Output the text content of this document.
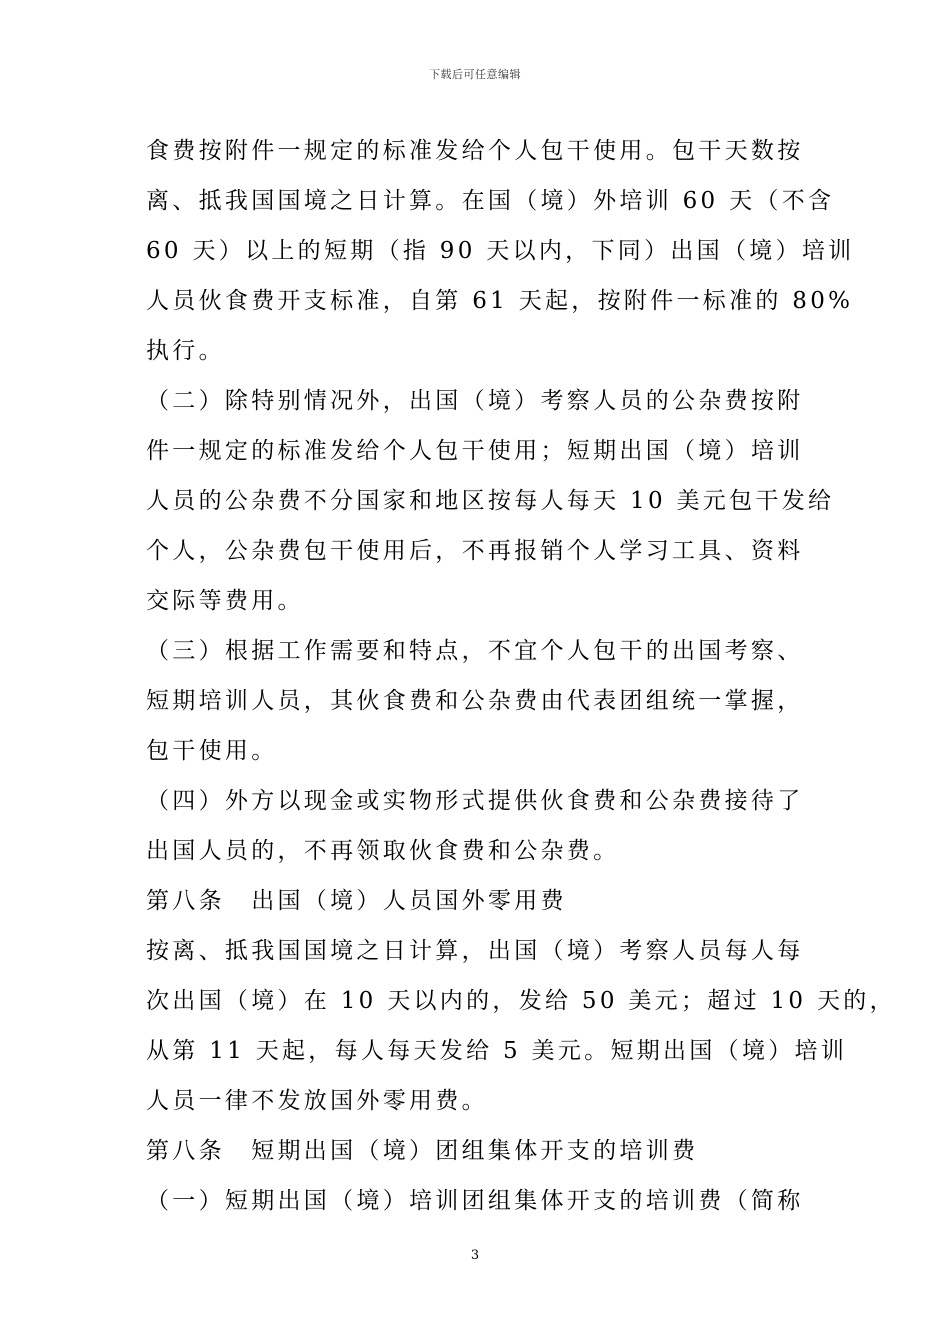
下载后可任意编辑
食费按附件一规定的标准发给个人包干使用。包干天数按
离、抵我国国境之日计算。在国（境）外培训 60 天（不含
60 天）以上的短期（指 90 天以内，下同）出国（境）培训
人员伙食费开支标准，自第 61 天起，按附件一标准的 80%
执行。
（二）除特别情况外，出国（境）考察人员的公杂费按附
件一规定的标准发给个人包干使用；短期出国（境）培训
人员的公杂费不分国家和地区按每人每天 10 美元包干发给
个人，公杂费包干使用后，不再报销个人学习工具、资料
交际等费用。
（三）根据工作需要和特点，不宜个人包干的出国考察、
短期培训人员，其伙食费和公杂费由代表团组统一掌握，
包干使用。
（四）外方以现金或实物形式提供伙食费和公杂费接待了
出国人员的，不再领取伙食费和公杂费。
第八条　出国（境）人员国外零用费
按离、抵我国国境之日计算，出国（境）考察人员每人每
次出国（境）在 10 天以内的，发给 50 美元；超过 10 天的，
从第 11 天起，每人每天发给 5 美元。短期出国（境）培训
人员一律不发放国外零用费。
第八条　短期出国（境）团组集体开支的培训费
（一）短期出国（境）培训团组集体开支的培训费（简称
3
